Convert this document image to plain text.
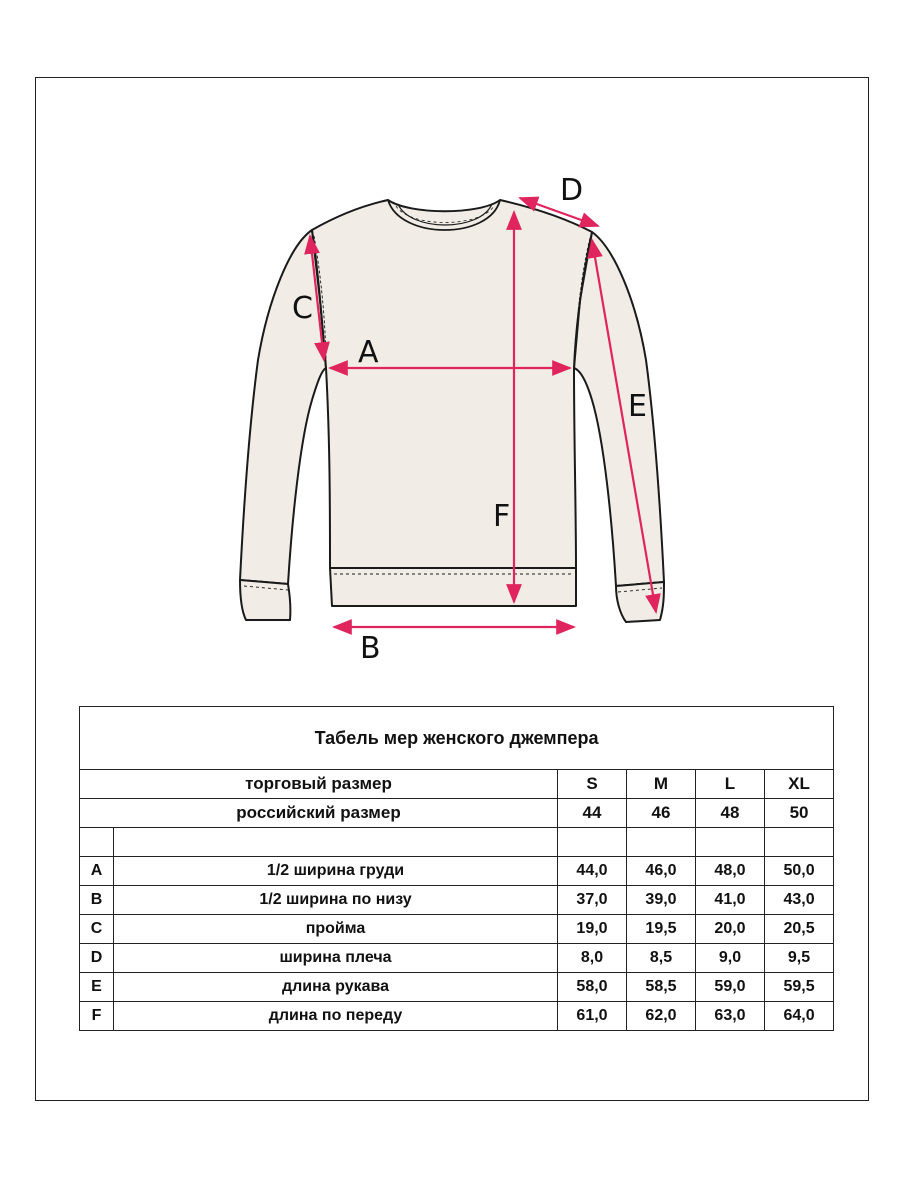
A
B
C
D
E
F
Табель мер женского джемпера					
торговый размер		S	M	L	XL
российский размер		44	46	48	50

A	1/2 ширина груди	44,0	46,0	48,0	50,0
B	1/2 ширина по низу	37,0	39,0	41,0	43,0
C	пройма	19,0	19,5	20,0	20,5
D	ширина плеча	8,0	8,5	9,0	9,5
E	длина рукава	58,0	58,5	59,0	59,5
F	длина по переду	61,0	62,0	63,0	64,0
